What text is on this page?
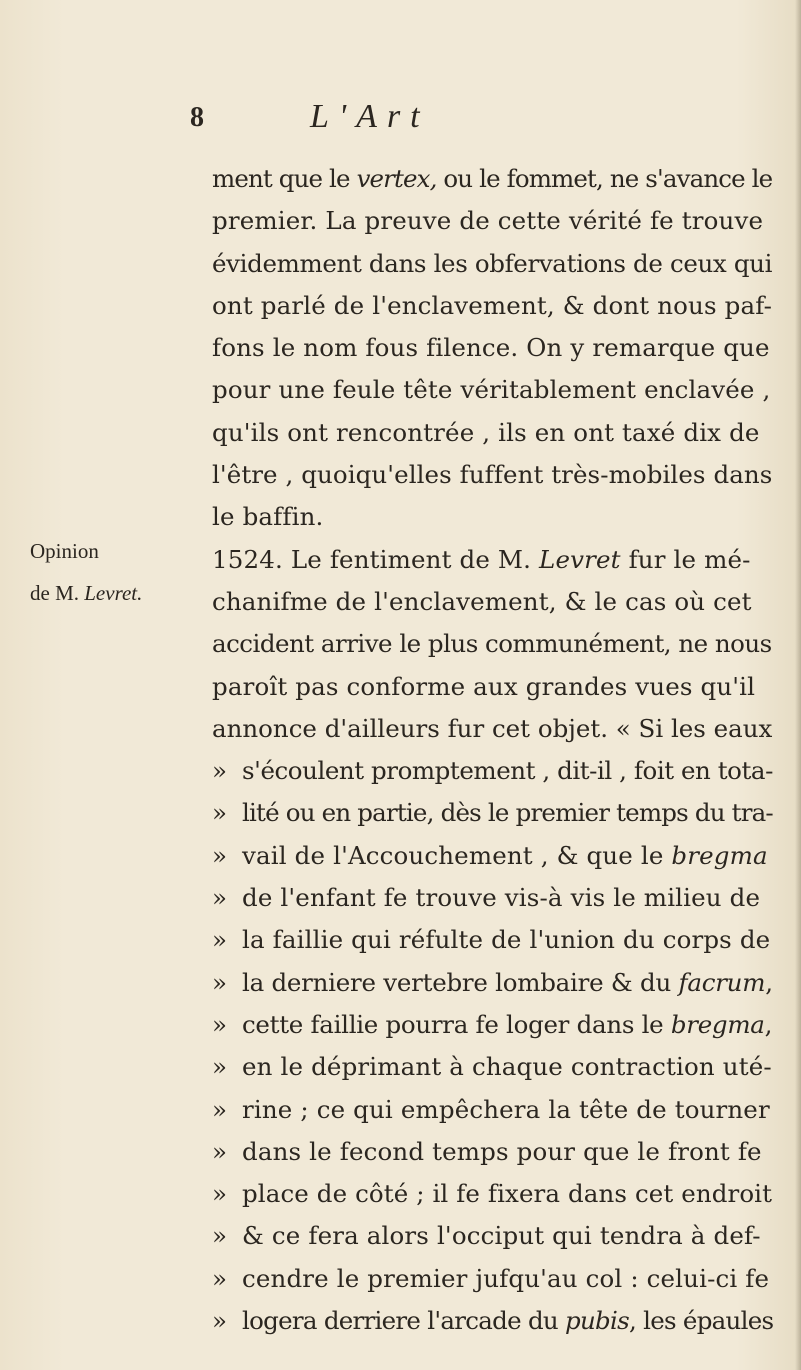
8	L'Art
Opinion
de M. Levret.
ment que le vertex, ou le fommet, ne s'avance le
premier. La preuve de cette vérité fe trouve
évidemment dans les obfervations de ceux qui
ont parlé de l'enclavement, & dont nous paf-
fons le nom fous filence. On y remarque que
pour une feule tête véritablement enclavée ,
qu'ils ont rencontrée , ils en ont taxé dix de
l'être , quoiqu'elles fuffent très-mobiles dans
le baffin.
1524. Le fentiment de M. Levret fur le mé-
chanifme de l'enclavement, & le cas où cet
accident arrive le plus communément, ne nous
paroît pas conforme aux grandes vues qu'il
annonce d'ailleurs fur cet objet. « Si les eaux
» s'écoulent promptement , dit-il , foit en tota-
» lité ou en partie, dès le premier temps du tra-
» vail de l'Accouchement , & que le bregma
» de l'enfant fe trouve vis-à vis le milieu de
» la faillie qui réfulte de l'union du corps de
» la derniere vertebre lombaire & du facrum,
» cette faillie pourra fe loger dans le bregma,
» en le déprimant à chaque contraction uté-
» rine ; ce qui empêchera la tête de tourner
» dans le fecond temps pour que le front fe
» place de côté ; il fe fixera dans cet endroit
» & ce fera alors l'occiput qui tendra à def-
» cendre le premier jufqu'au col : celui-ci fe
» logera derriere l'arcade du pubis, les épaules
